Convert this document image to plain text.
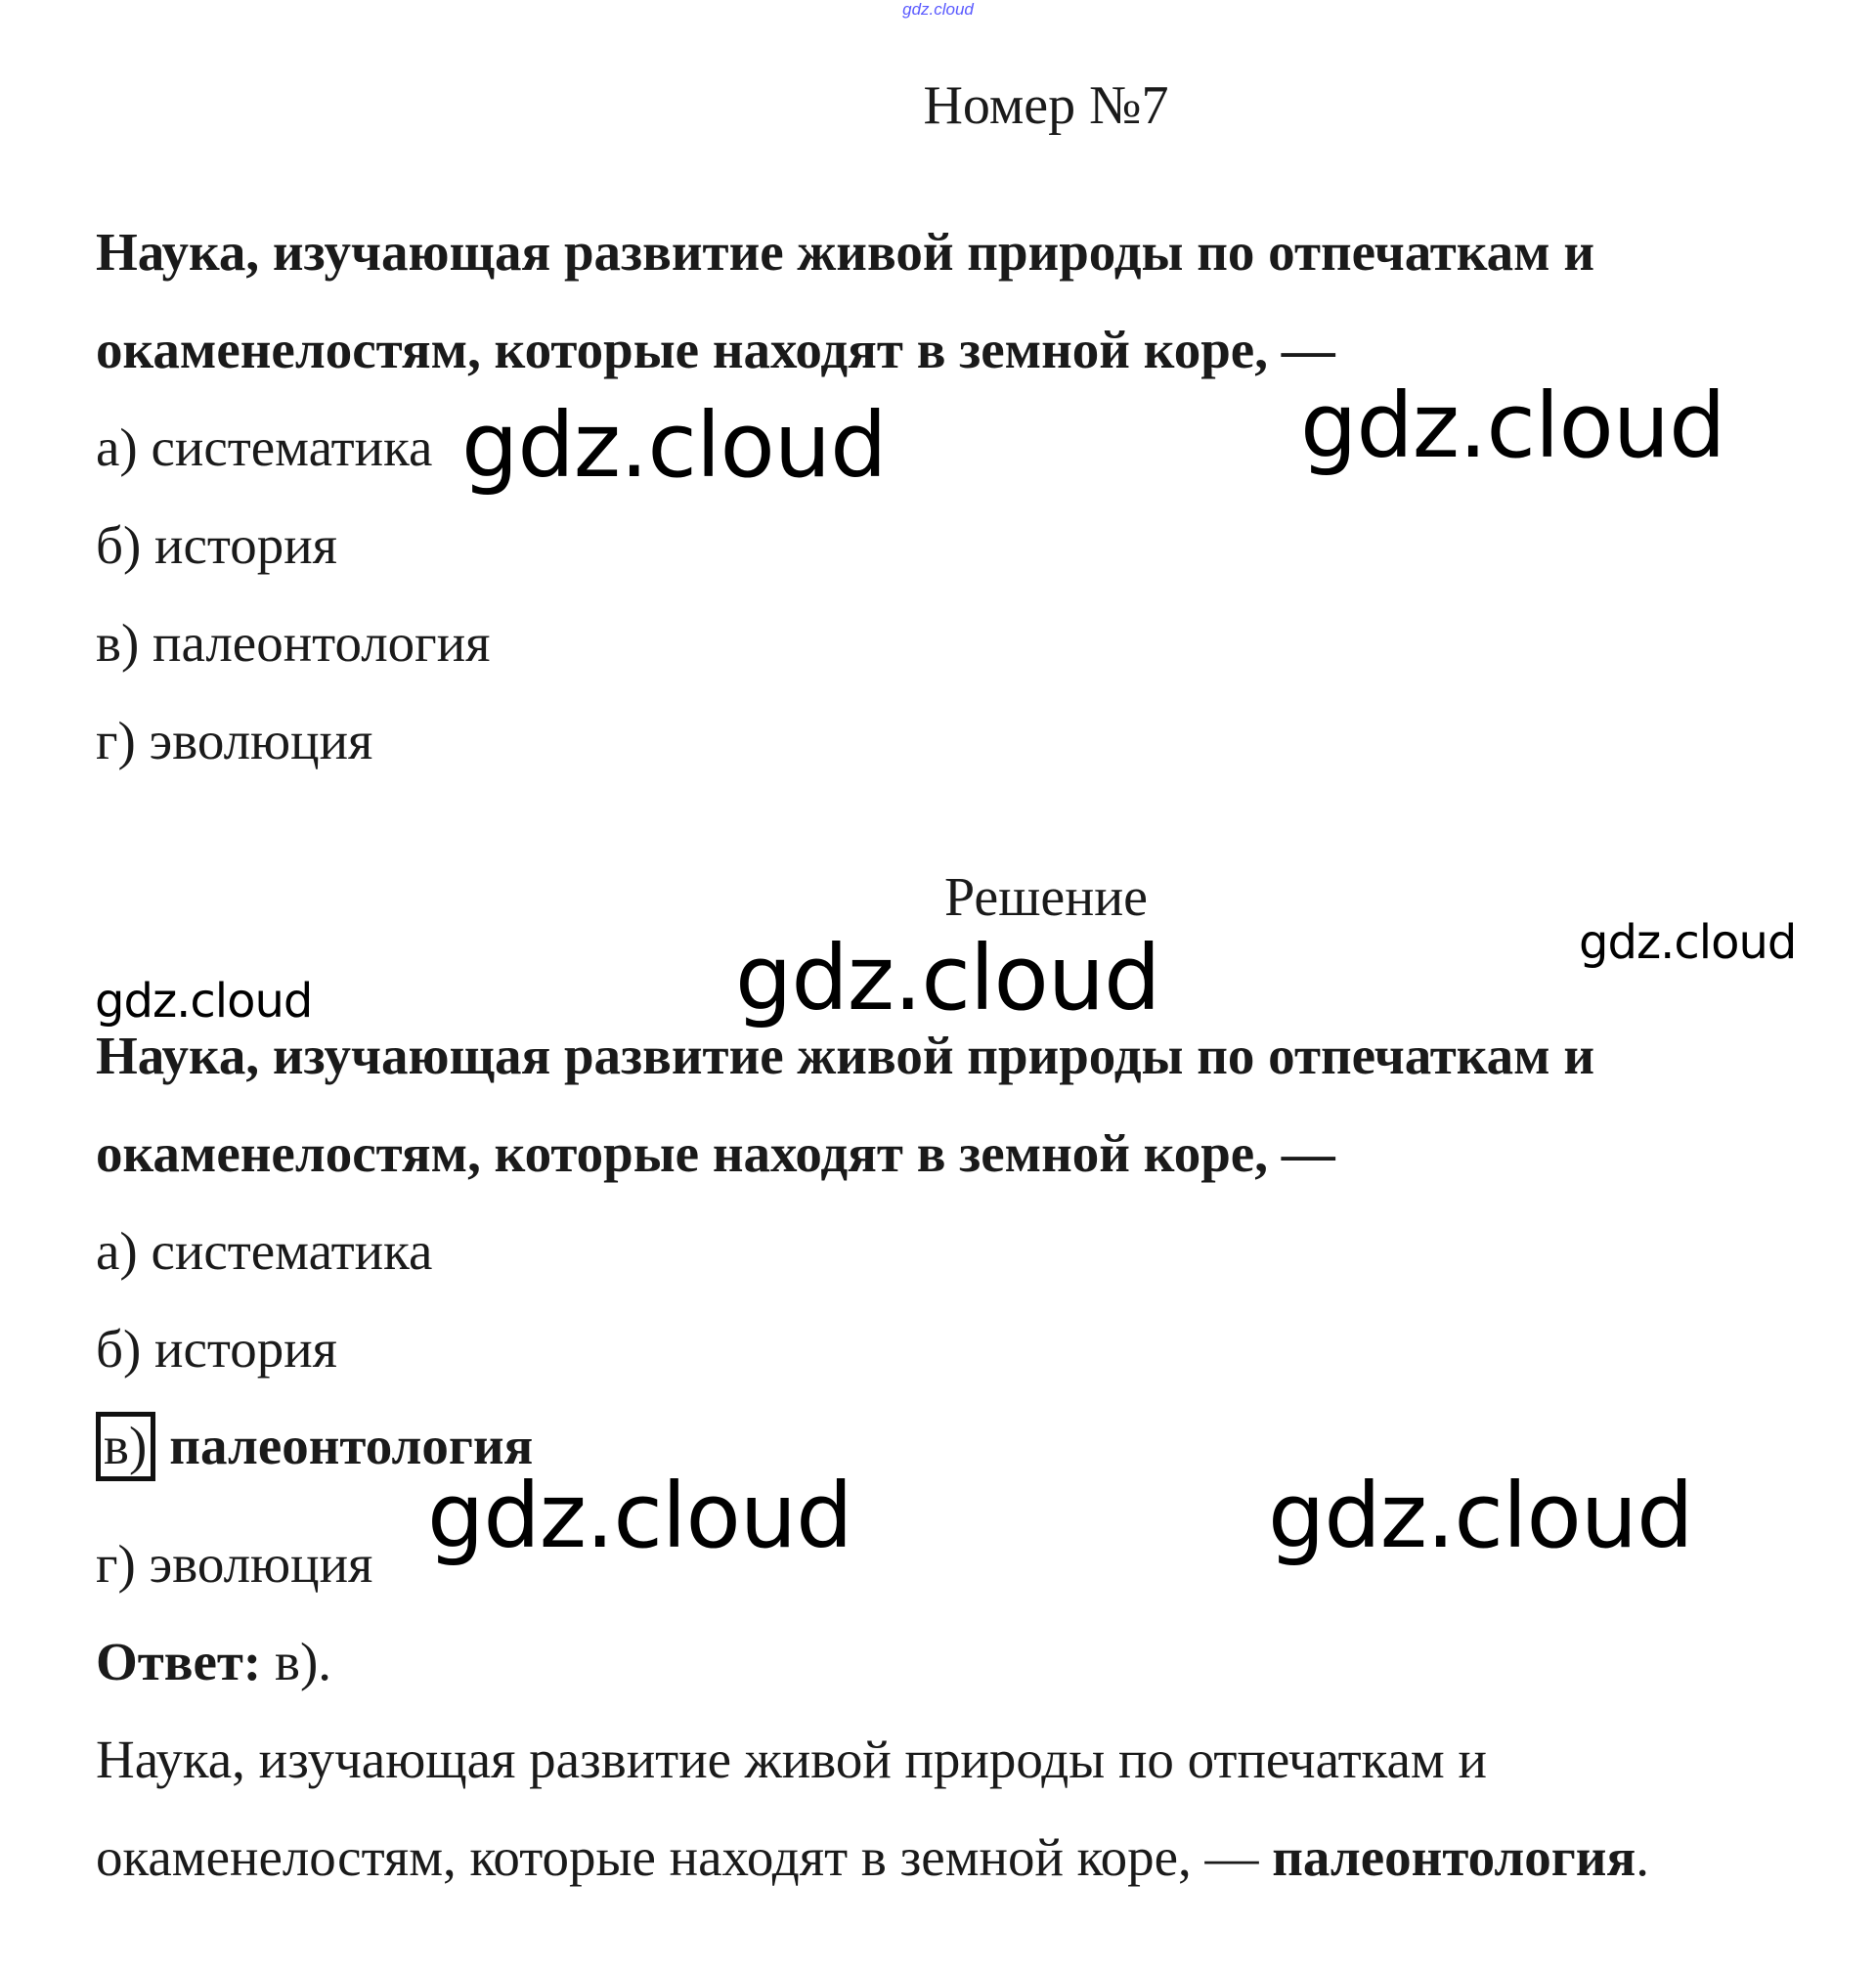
gdz.cloud
Номер №7
Наука, изучающая развитие живой природы по отпечаткам и
окаменелостям, которые находят в земной коре, —
а) систематика
б) история
в) палеонтология
г) эволюция
Решение
Наука, изучающая развитие живой природы по отпечаткам и
окаменелостям, которые находят в земной коре, —
а) систематика
б) история
в) палеонтология
г) эволюция
Ответ: в).
Наука, изучающая развитие живой природы по отпечаткам и
окаменелостям, которые находят в земной коре, — палеонтология.
gdz.cloud	gdz.cloud
gdz.cloud
gdz.cloud
gdz.cloud
gdz.cloud	gdz.cloud
